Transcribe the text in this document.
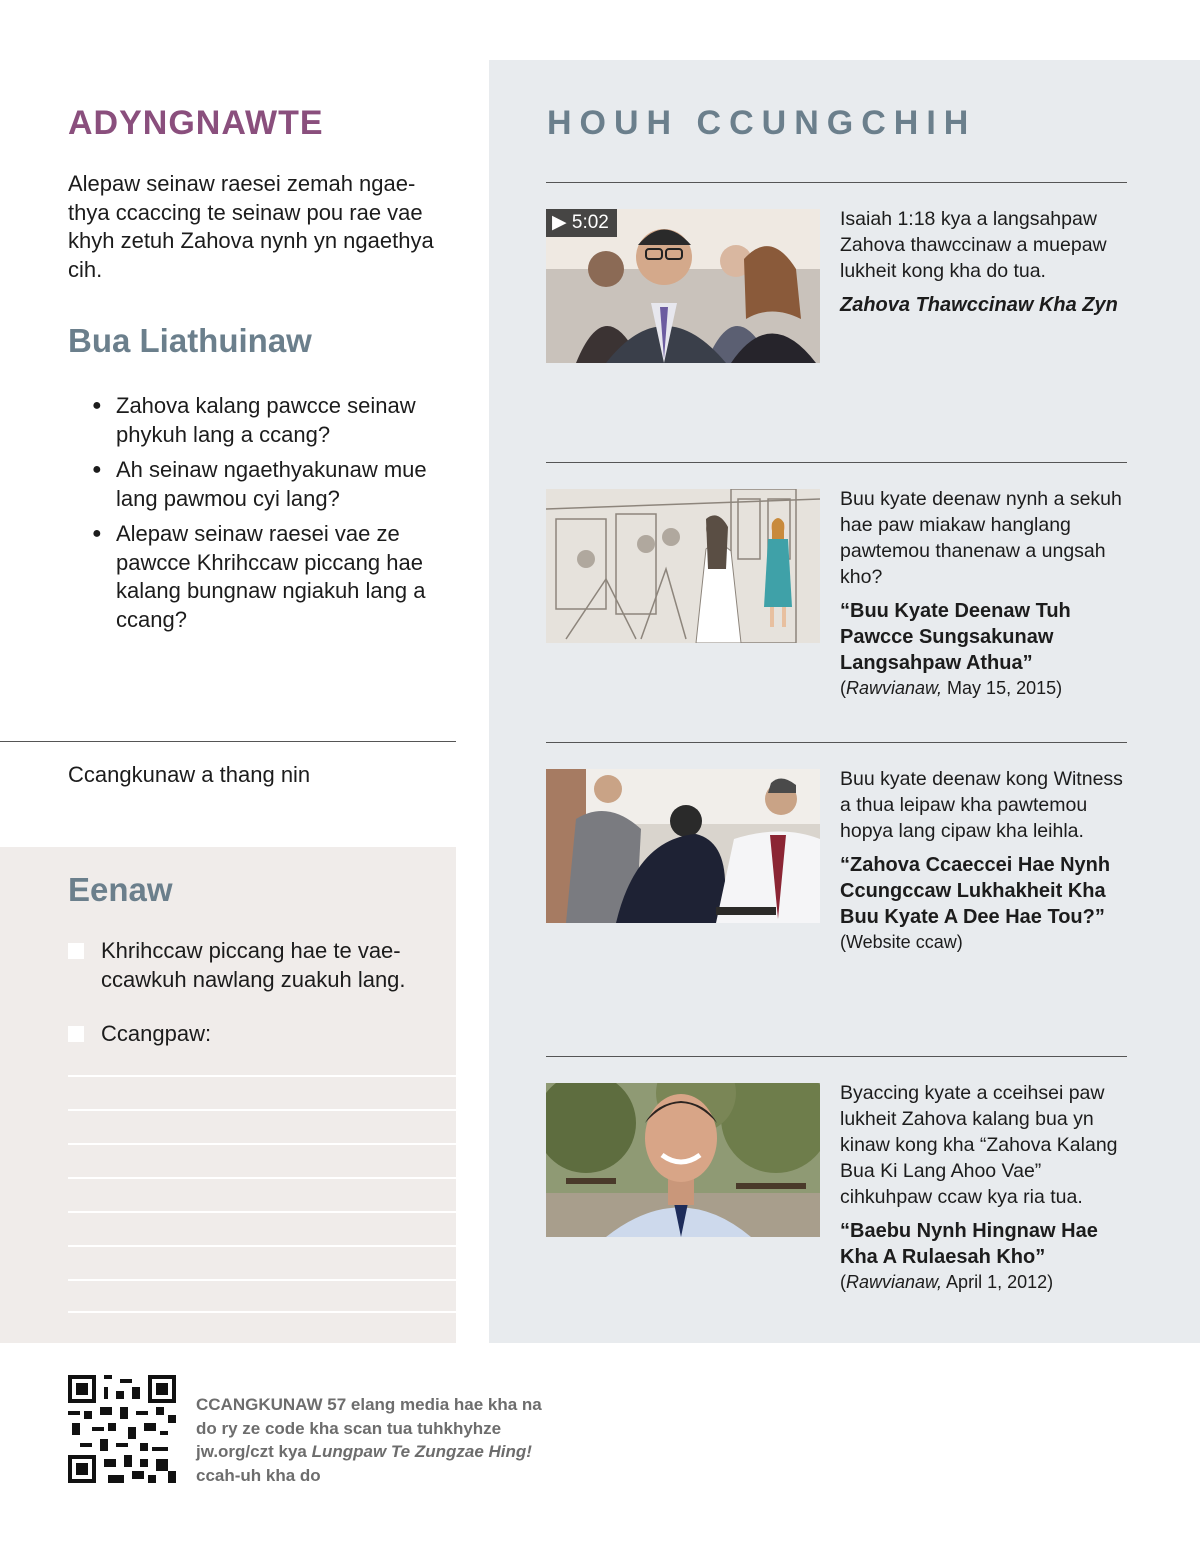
ADYNGNAWTE

Alepaw seinaw raesei zemah ngae-thya ccaccing te seinaw pou rae vae khyh zetuh Zahova nynh yn ngaethya cih.

Bua Liathuinaw
● Zahova kalang pawcce seinaw phykuh lang a ccang?
● Ah seinaw ngaethyakunaw mue lang pawmou cyi lang?
● Alepaw seinaw raesei vae ze pawcce Khrihccaw piccang hae kalang bungnaw ngiakuh lang a ccang?

Ccangkunaw a thang nin

Eenaw
Khrihccaw piccang hae te vae-ccawkuh nawlang zuakuh lang.
Ccangpaw:
HOUH CCUNGCHIH
▶ 5:02	Isaiah 1:18 kya a langsahpaw Zahova thawccinaw a muepaw lukheit kong kha do tua.

Zahova Thawccinaw Kha Zyn

Buu kyate deenaw nynh a sekuh hae paw miakaw hanglang pawtemou thanenaw a ungsah kho?

“Buu Kyate Deenaw Tuh Pawcce Sungsakunaw Langsahpaw Athua”

(Rawvianaw, May 15, 2015)

Buu kyate deenaw kong Witness a thua leipaw kha pawtemou hopya lang cipaw kha leihla.

“Zahova Ccaeccei Hae Nynh Ccungccaw Lukhakheit Kha Buu Kyate A Dee Hae Tou?”

(Website ccaw)

Byaccing kyate a cceihsei paw lukheit Zahova kalang bua yn kinaw kong kha “Zahova Kalang Bua Ki Lang Ahoo Vae” cihkuhpaw ccaw kya ria tua.

“Baebu Nynh Hingnaw Hae Kha A Rulaesah Kho”

(Rawvianaw, April 1, 2012)

CCANGKUNAW 57 elang media hae kha na do ry ze code kha scan tua tuhkhyhze jw.org/czt kya Lungpaw Te Zungzae Hing!
ccah-uh kha do
